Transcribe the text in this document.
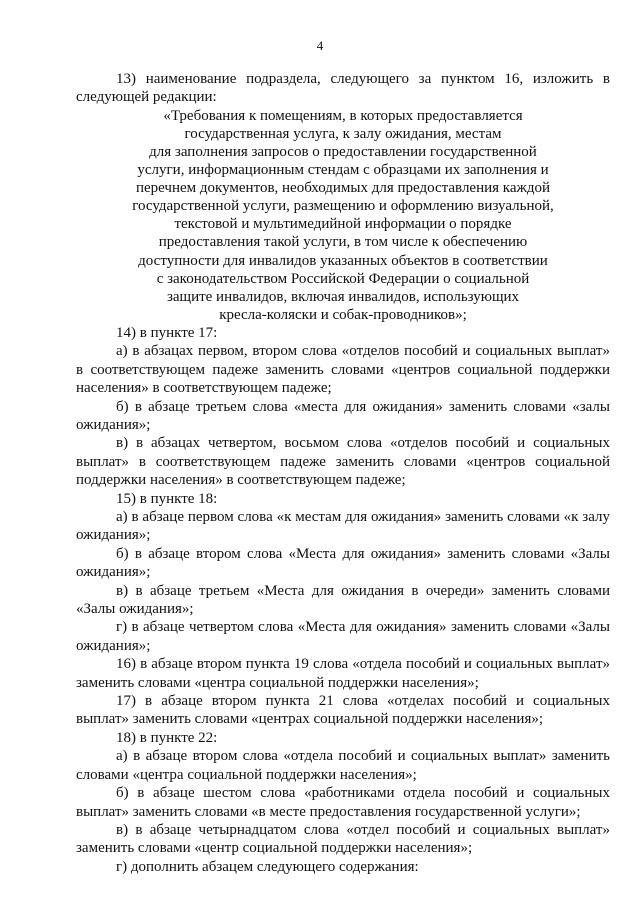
4

13) наименование подраздела, следующего за пунктом 16, изложить в следующей редакции:

«Требования к помещениям, в которых предоставляется
государственная услуга, к залу ожидания, местам
для заполнения запросов о предоставлении государственной
услуги, информационным стендам с образцами их заполнения и
перечнем документов, необходимых для предоставления каждой
государственной услуги, размещению и оформлению визуальной,
текстовой и мультимедийной информации о порядке
предоставления такой услуги, в том числе к обеспечению
доступности для инвалидов указанных объектов в соответствии
с законодательством Российской Федерации о социальной
защите инвалидов, включая инвалидов, использующих
кресла-коляски и собак-проводников»;

14) в пункте 17:

а) в абзацах первом, втором слова «отделов пособий и социальных выплат» в соответствующем падеже заменить словами «центров социальной поддержки населения» в соответствующем падеже;

б) в абзаце третьем слова «места для ожидания» заменить словами «залы ожидания»;

в) в абзацах четвертом, восьмом слова «отделов пособий и социальных выплат» в соответствующем падеже заменить словами «центров социальной поддержки населения» в соответствующем падеже;

15) в пункте 18:

а) в абзаце первом слова «к местам для ожидания» заменить словами «к залу ожидания»;

б) в абзаце втором слова «Места для ожидания» заменить словами «Залы ожидания»;

в) в абзаце третьем «Места для ожидания в очереди» заменить словами «Залы ожидания»;

г) в абзаце четвертом слова «Места для ожидания» заменить словами «Залы ожидания»;

16) в абзаце втором пункта 19 слова «отдела пособий и социальных выплат» заменить словами «центра социальной поддержки населения»;

17) в абзаце втором пункта 21 слова «отделах пособий и социальных выплат» заменить словами «центрах социальной поддержки населения»;

18) в пункте 22:

а) в абзаце втором слова «отдела пособий и социальных выплат» заменить словами «центра социальной поддержки населения»;

б) в абзаце шестом слова «работниками отдела пособий и социальных выплат» заменить словами «в месте предоставления государственной услуги»;

в) в абзаце четырнадцатом слова «отдел пособий и социальных выплат» заменить словами «центр социальной поддержки населения»;

г) дополнить абзацем следующего содержания:
